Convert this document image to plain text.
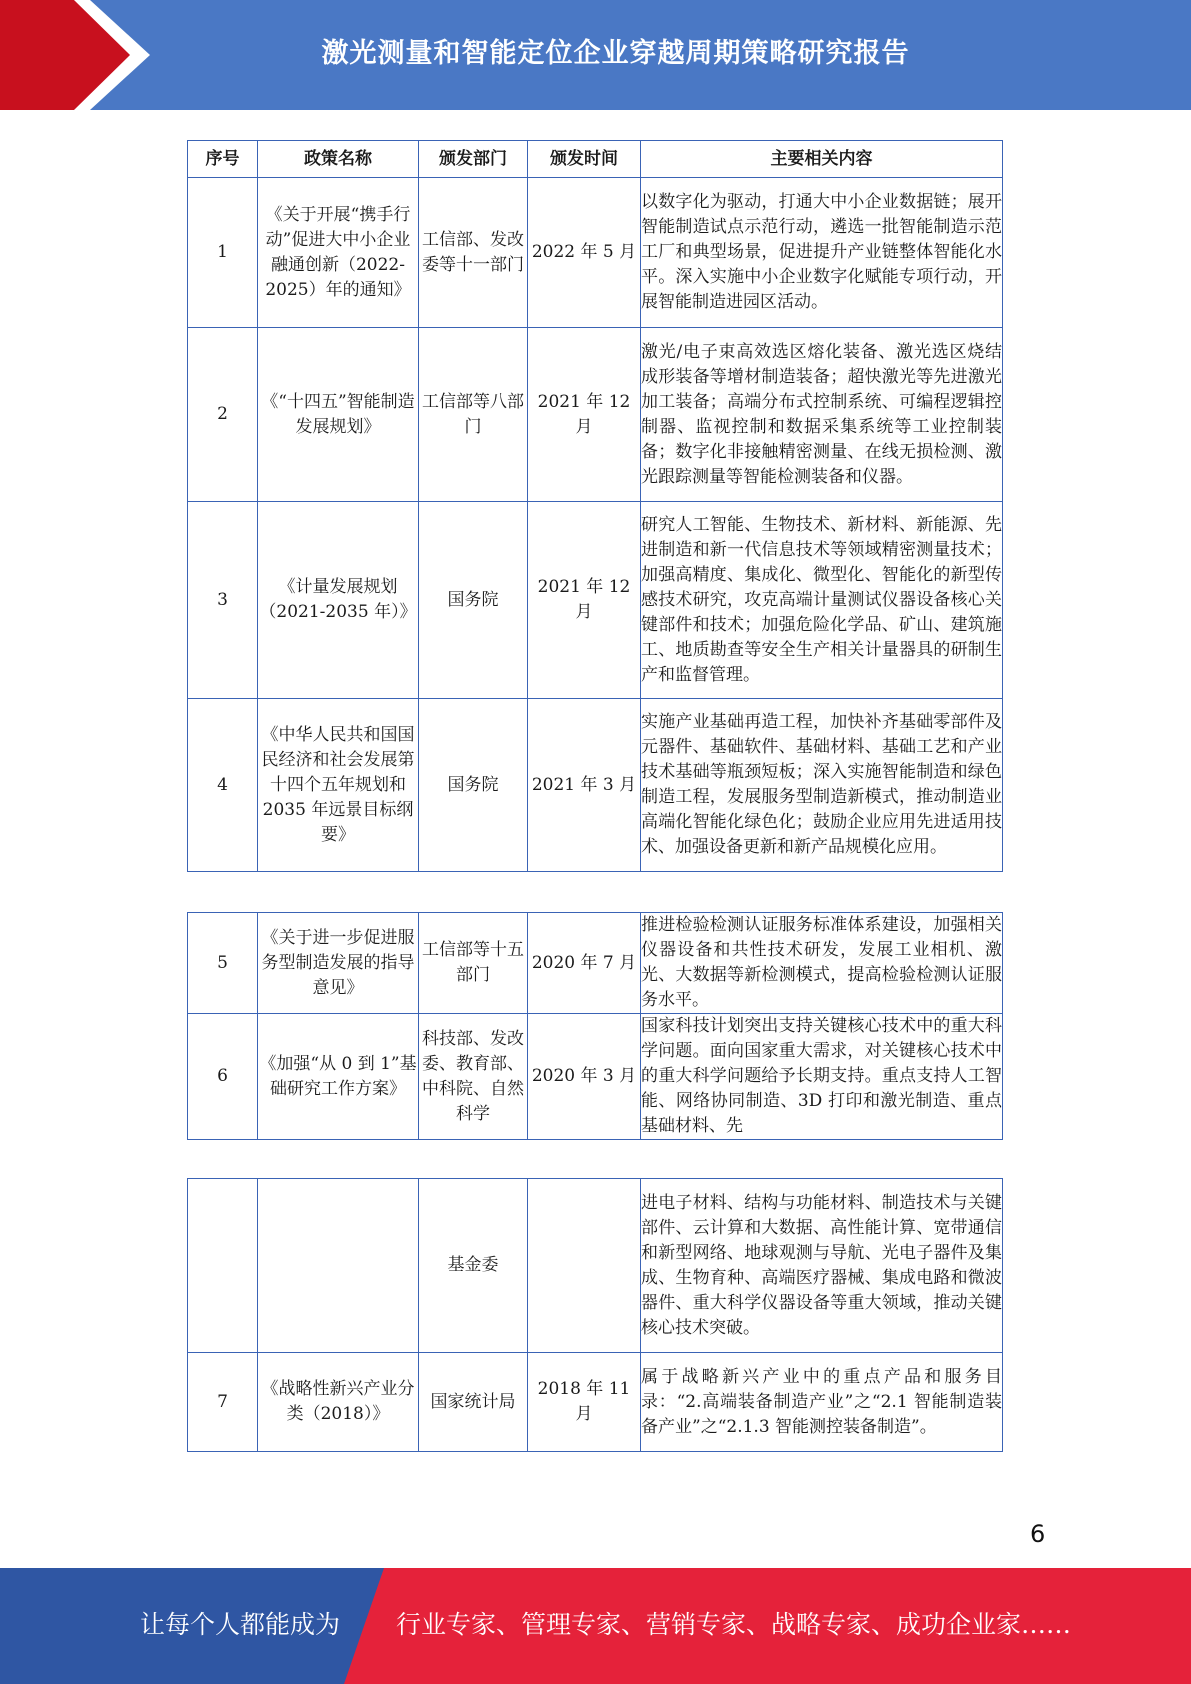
激光测量和智能定位企业穿越周期策略研究报告
序号	政策名称	颁发部门	颁发时间	主要相关内容
1	《关于开展“携手行动”促进大中小企业融通创新（2022-2025）年的通知》	工信部、发改委等十一部门	2022 年 5 月	以数字化为驱动，打通大中小企业数据链；展开智能制造试点示范行动，遴选一批智能制造示范工厂和典型场景，促进提升产业链整体智能化水平。深入实施中小企业数字化赋能专项行动，开展智能制造进园区活动。
2	《“十四五”智能制造发展规划》	工信部等八部门	2021 年 12 月	激光/电子束高效选区熔化装备、激光选区烧结成形装备等增材制造装备；超快激光等先进激光加工装备；高端分布式控制系统、可编程逻辑控制器、监视控制和数据采集系统等工业控制装备；数字化非接触精密测量、在线无损检测、激光跟踪测量等智能检测装备和仪器。
3	《计量发展规划（2021-2035 年）》	国务院	2021 年 12 月	研究人工智能、生物技术、新材料、新能源、先进制造和新一代信息技术等领域精密测量技术；加强高精度、集成化、微型化、智能化的新型传感技术研究，攻克高端计量测试仪器设备核心关键部件和技术；加强危险化学品、矿山、建筑施工、地质勘查等安全生产相关计量器具的研制生产和监督管理。
4	《中华人民共和国国民经济和社会发展第十四个五年规划和 2035 年远景目标纲要》	国务院	2021 年 3 月	实施产业基础再造工程，加快补齐基础零部件及元器件、基础软件、基础材料、基础工艺和产业技术基础等瓶颈短板；深入实施智能制造和绿色制造工程，发展服务型制造新模式，推动制造业高端化智能化绿色化；鼓励企业应用先进适用技术、加强设备更新和新产品规模化应用。
5	《关于进一步促进服务型制造发展的指导意见》	工信部等十五部门	2020 年 7 月	推进检验检测认证服务标准体系建设，加强相关仪器设备和共性技术研发，发展工业相机、激光、大数据等新检测模式，提高检验检测认证服务水平。
6	《加强“从 0 到 1”基础研究工作方案》	科技部、发改委、教育部、中科院、自然科学	2020 年 3 月	国家科技计划突出支持关键核心技术中的重大科学问题。面向国家重大需求，对关键核心技术中的重大科学问题给予长期支持。重点支持人工智能、网络协同制造、3D 打印和激光制造、重点基础材料、先
		基金委		进电子材料、结构与功能材料、制造技术与关键部件、云计算和大数据、高性能计算、宽带通信和新型网络、地球观测与导航、光电子器件及集成、生物育种、高端医疗器械、集成电路和微波器件、重大科学仪器设备等重大领域，推动关键核心技术突破。
7	《战略性新兴产业分类（2018）》	国家统计局	2018 年 11 月	属于战略新兴产业中的重点产品和服务目录：“2.高端装备制造产业”之“2.1 智能制造装备产业”之“2.1.3 智能测控装备制造”。
6
让每个人都能成为 行业专家、管理专家、营销专家、战略专家、成功企业家……
